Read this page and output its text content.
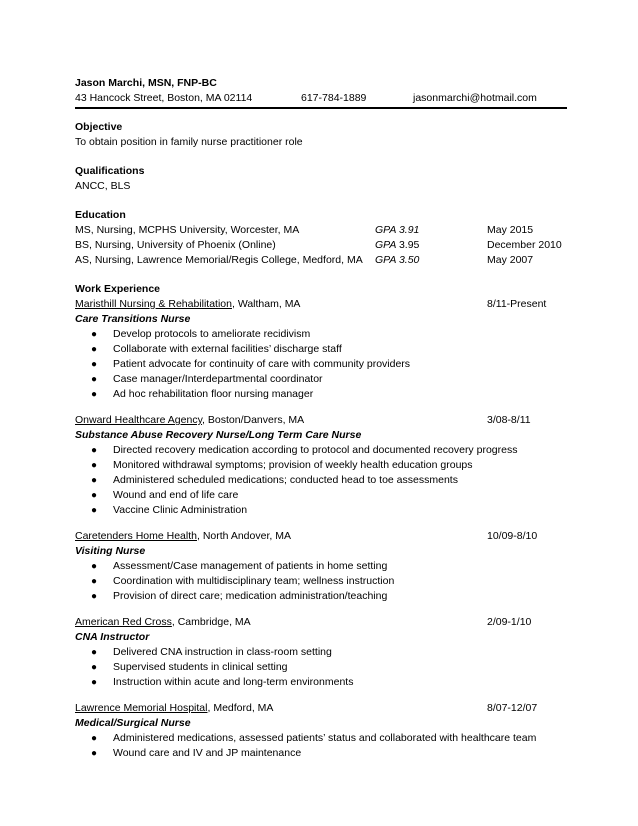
Jason Marchi, MSN, FNP-BC
43 Hancock Street, Boston, MA 02114	617-784-1889	jasonmarchi@hotmail.com
Objective
To obtain position in family nurse practitioner role
Qualifications
ANCC, BLS
Education
MS, Nursing, MCPHS University, Worcester, MA	GPA 3.91	May 2015
BS, Nursing, University of Phoenix (Online)	GPA 3.95	December 2010
AS, Nursing, Lawrence Memorial/Regis College, Medford, MA GPA 3.50	May 2007
Work Experience
Maristhill Nursing & Rehabilitation, Waltham, MA	8/11-Present
Care Transitions Nurse
● Develop protocols to ameliorate recidivism
● Collaborate with external facilities’ discharge staff
● Patient advocate for continuity of care with community providers
● Case manager/Interdepartmental coordinator
● Ad hoc rehabilitation floor nursing manager
Onward Healthcare Agency, Boston/Danvers, MA	3/08-8/11
Substance Abuse Recovery Nurse/Long Term Care Nurse
● Directed recovery medication according to protocol and documented recovery progress
● Monitored withdrawal symptoms; provision of weekly health education groups
● Administered scheduled medications; conducted head to toe assessments
● Wound and end of life care
● Vaccine Clinic Administration
Caretenders Home Health, North Andover, MA	10/09-8/10
Visiting Nurse
● Assessment/Case management of patients in home setting
● Coordination with multidisciplinary team; wellness instruction
● Provision of direct care; medication administration/teaching
American Red Cross, Cambridge, MA	2/09-1/10
CNA Instructor
● Delivered CNA instruction in class-room setting
● Supervised students in clinical setting
● Instruction within acute and long-term environments
Lawrence Memorial Hospital, Medford, MA	8/07-12/07
Medical/Surgical Nurse
● Administered medications, assessed patients’ status and collaborated with healthcare team
● Wound care and IV and JP maintenance
